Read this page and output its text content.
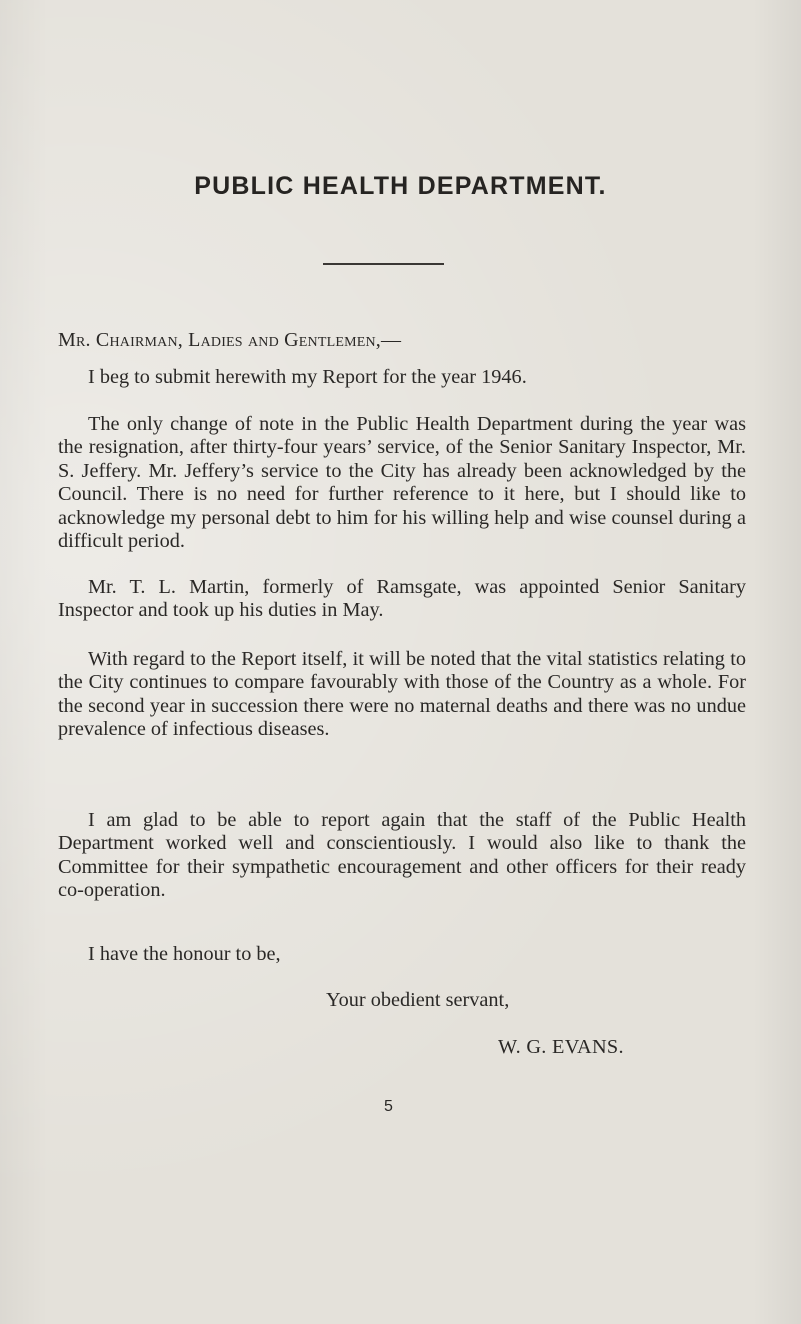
PUBLIC HEALTH DEPARTMENT.

Mr. Chairman, Ladies and Gentlemen,—

I beg to submit herewith my Report for the year 1946.

The only change of note in the Public Health Department during the year was the resignation, after thirty-four years’ service, of the Senior Sanitary Inspector, Mr. S. Jeffery. Mr. Jeffery’s service to the City has already been acknowledged by the Council. There is no need for further reference to it here, but I should like to acknowledge my personal debt to him for his willing help and wise counsel during a difficult period.

Mr. T. L. Martin, formerly of Ramsgate, was appointed Senior Sanitary Inspector and took up his duties in May.

With regard to the Report itself, it will be noted that the vital statistics relating to the City continues to compare favourably with those of the Country as a whole. For the second year in succession there were no maternal deaths and there was no undue prevalence of infectious diseases.

I am glad to be able to report again that the staff of the Public Health Department worked well and conscientiously. I would also like to thank the Committee for their sympathetic encouragement and other officers for their ready co-operation.

I have the honour to be,

Your obedient servant,

W. G. EVANS.

5
